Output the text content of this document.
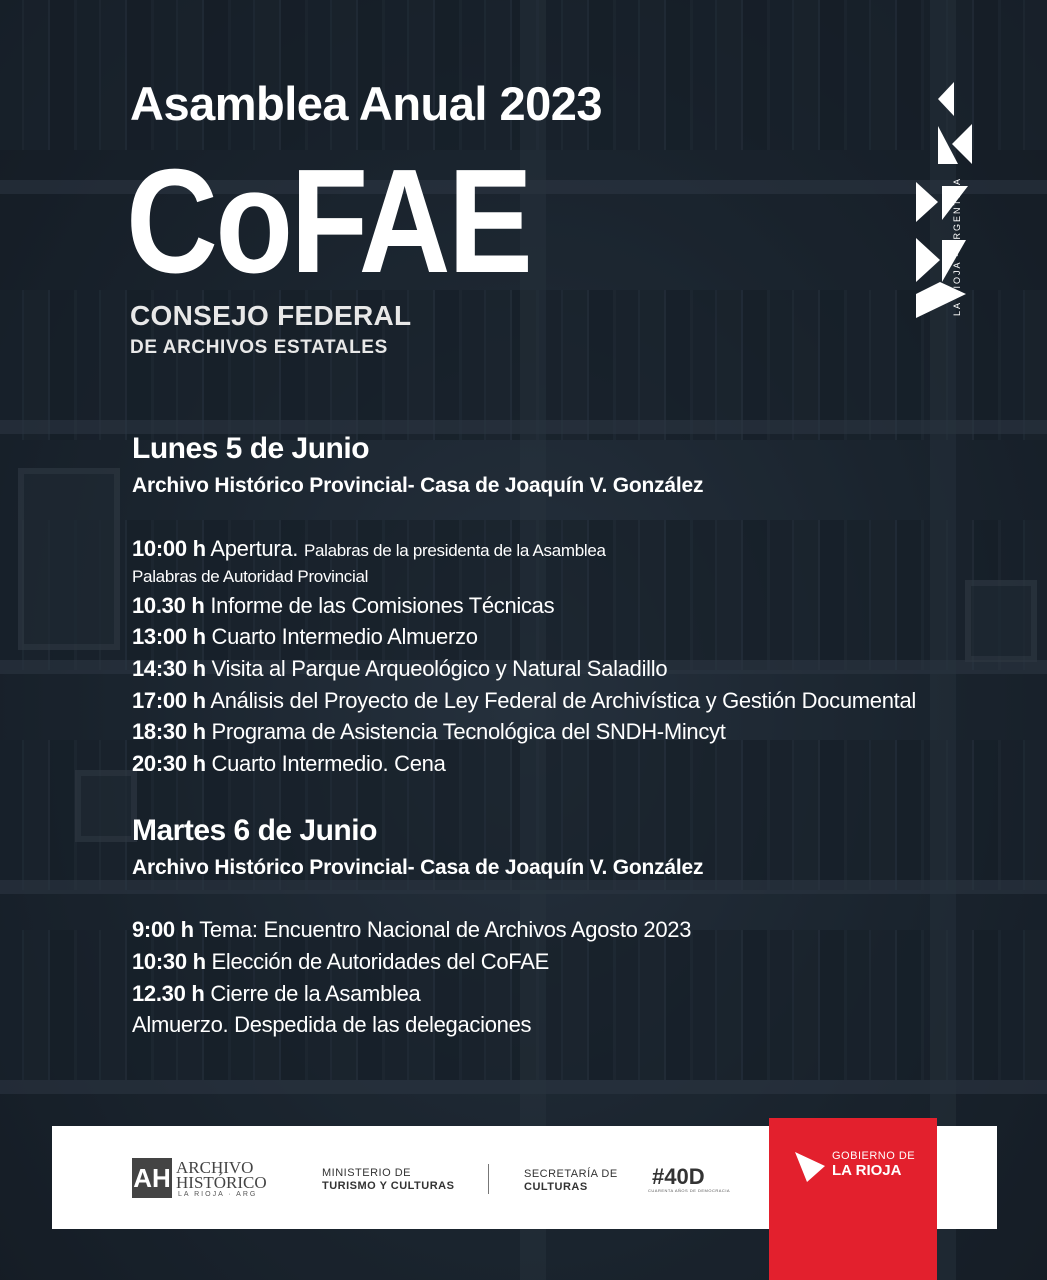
Asamblea Anual 2023
CoFAE
CONSEJO FEDERAL
DE ARCHIVOS ESTATALES
LA RIOJA - ARGENTINA
Lunes 5 de Junio
Archivo Histórico Provincial- Casa de Joaquín V. González
10:00 h Apertura. Palabras de la presidenta de la Asamblea
Palabras de Autoridad Provincial
10.30 h Informe de las Comisiones Técnicas
13:00 h Cuarto Intermedio Almuerzo
14:30 h Visita al Parque Arqueológico y Natural Saladillo
17:00 h Análisis del Proyecto de Ley Federal de Archivística y Gestión Documental
18:30 h Programa de Asistencia Tecnológica del SNDH-Mincyt
20:30 h Cuarto Intermedio. Cena
Martes 6 de Junio
Archivo Histórico Provincial- Casa de Joaquín V. González
9:00 h Tema: Encuentro Nacional de Archivos Agosto 2023
10:30 h Elección de Autoridades del CoFAE
12.30 h Cierre de la Asamblea
Almuerzo. Despedida de las delegaciones
AH ARCHIVO
HISTÓRICO
LA RIOJA · ARG
MINISTERIO DE
TURISMO Y CULTURAS
SECRETARÍA DE
CULTURAS	#40D
CUARENTA AÑOS DE DEMOCRACIA
GOBIERNO DE
LA RIOJA
